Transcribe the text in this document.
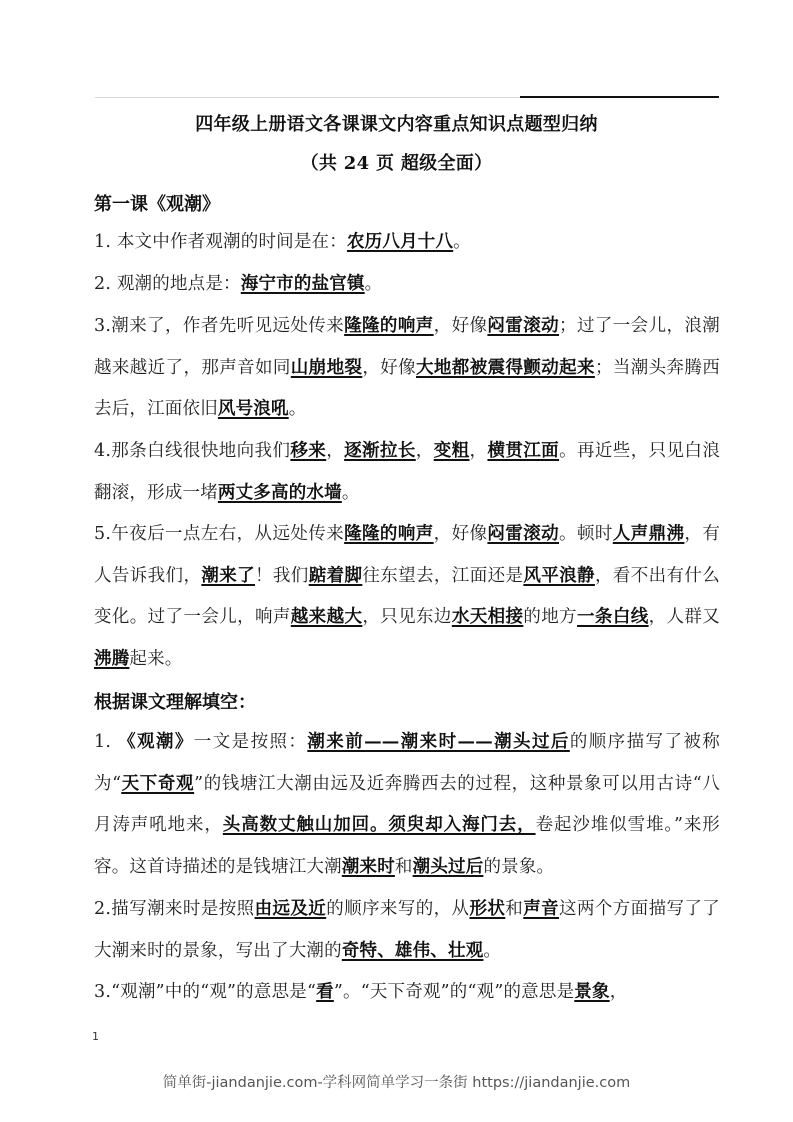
四年级上册语文各课课文内容重点知识点题型归纳
（共 24 页 超级全面）
第一课《观潮》
1. 本文中作者观潮的时间是在：农历八月十八。
2. 观潮的地点是：海宁市的盐官镇。
3.潮来了，作者先听见远处传来隆隆的响声，好像闷雷滚动；过了一会儿，浪潮越来越近了，那声音如同山崩地裂，好像大地都被震得颤动起来；当潮头奔腾西去后，江面依旧风号浪吼。
4.那条白线很快地向我们移来，逐渐拉长，变粗，横贯江面。再近些，只见白浪翻滚，形成一堵两丈多高的水墙。
5.午夜后一点左右，从远处传来隆隆的响声，好像闷雷滚动。顿时人声鼎沸，有人告诉我们，潮来了！我们踮着脚往东望去，江面还是风平浪静，看不出有什么变化。过了一会儿，响声越来越大，只见东边水天相接的地方一条白线，人群又沸腾起来。
根据课文理解填空：
1. 《观潮》一文是按照：潮来前——潮来时——潮头过后的顺序描写了被称为“天下奇观”的钱塘江大潮由远及近奔腾西去的过程，这种景象可以用古诗“八月涛声吼地来，头高数丈触山加回。须臾却入海门去，卷起沙堆似雪堆。”来形容。这首诗描述的是钱塘江大潮潮来时和潮头过后的景象。
2.描写潮来时是按照由远及近的顺序来写的，从形状和声音这两个方面描写了了大潮来时的景象，写出了大潮的奇特、雄伟、壮观。
3.“观潮”中的“观”的意思是“看”。“天下奇观”的“观”的意思是景象，
1
简单街-jiandanjie.com-学科网简单学习一条街 https://jiandanjie.com
